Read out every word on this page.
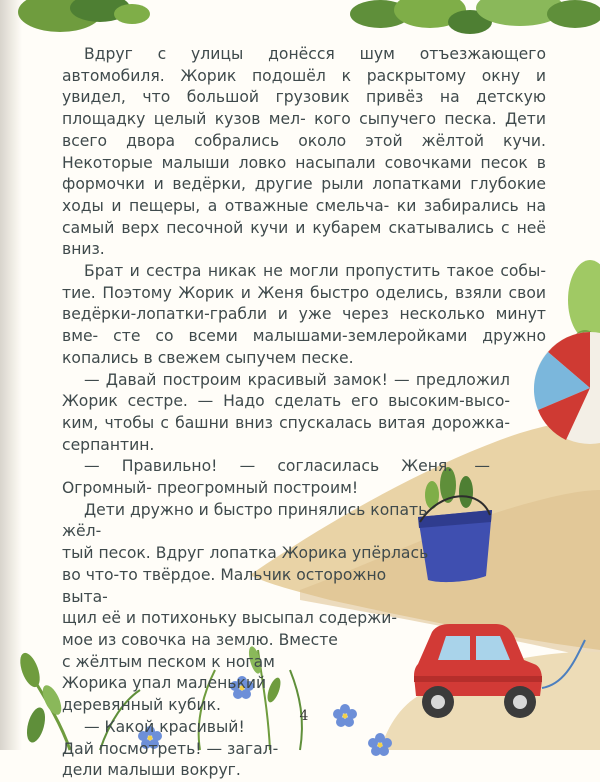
Вдруг с улицы донёсся шум отъезжающего автомобиля. Жорик подошёл к раскрытому окну и увидел, что большой грузовик привёз на детскую площадку целый кузов мел- кого сыпучего песка. Дети всего двора собрались около этой жёлтой кучи. Некоторые малыши ловко насыпали совочками песок в формочки и ведёрки, другие рыли лопатками глубокие ходы и пещеры, а отважные смельча- ки забирались на самый верх песочной кучи и кубарем скатывались с неё вниз.

Брат и сестра никак не могли пропустить такое собы- тие. Поэтому Жорик и Женя быстро оделись, взяли свои ведёрки-лопатки-грабли и уже через несколько минут вме- сте со всеми малышами-землеройками дружно копались в свежем сыпучем песке.

— Давай построим красивый замок! — предложил Жорик сестре. — Надо сделать его высоким-высо- ким, чтобы с башни вниз спускалась витая дорожка- серпантин.

— Правильно! — согласилась Женя. — Огромный- преогромный построим!

Дети дружно и быстро принялись копать жёл-
тый песок. Вдруг лопатка Жорика упёрлась
во что-то твёрдое. Мальчик осторожно выта-
щил её и потихоньку высыпал содержи-
мое из совочка на землю. Вместе
с жёлтым песком к ногам
Жорика упал маленький
деревянный кубик.

— Какой красивый!
Дай посмотреть! — загал-
дели малыши вокруг.

4
